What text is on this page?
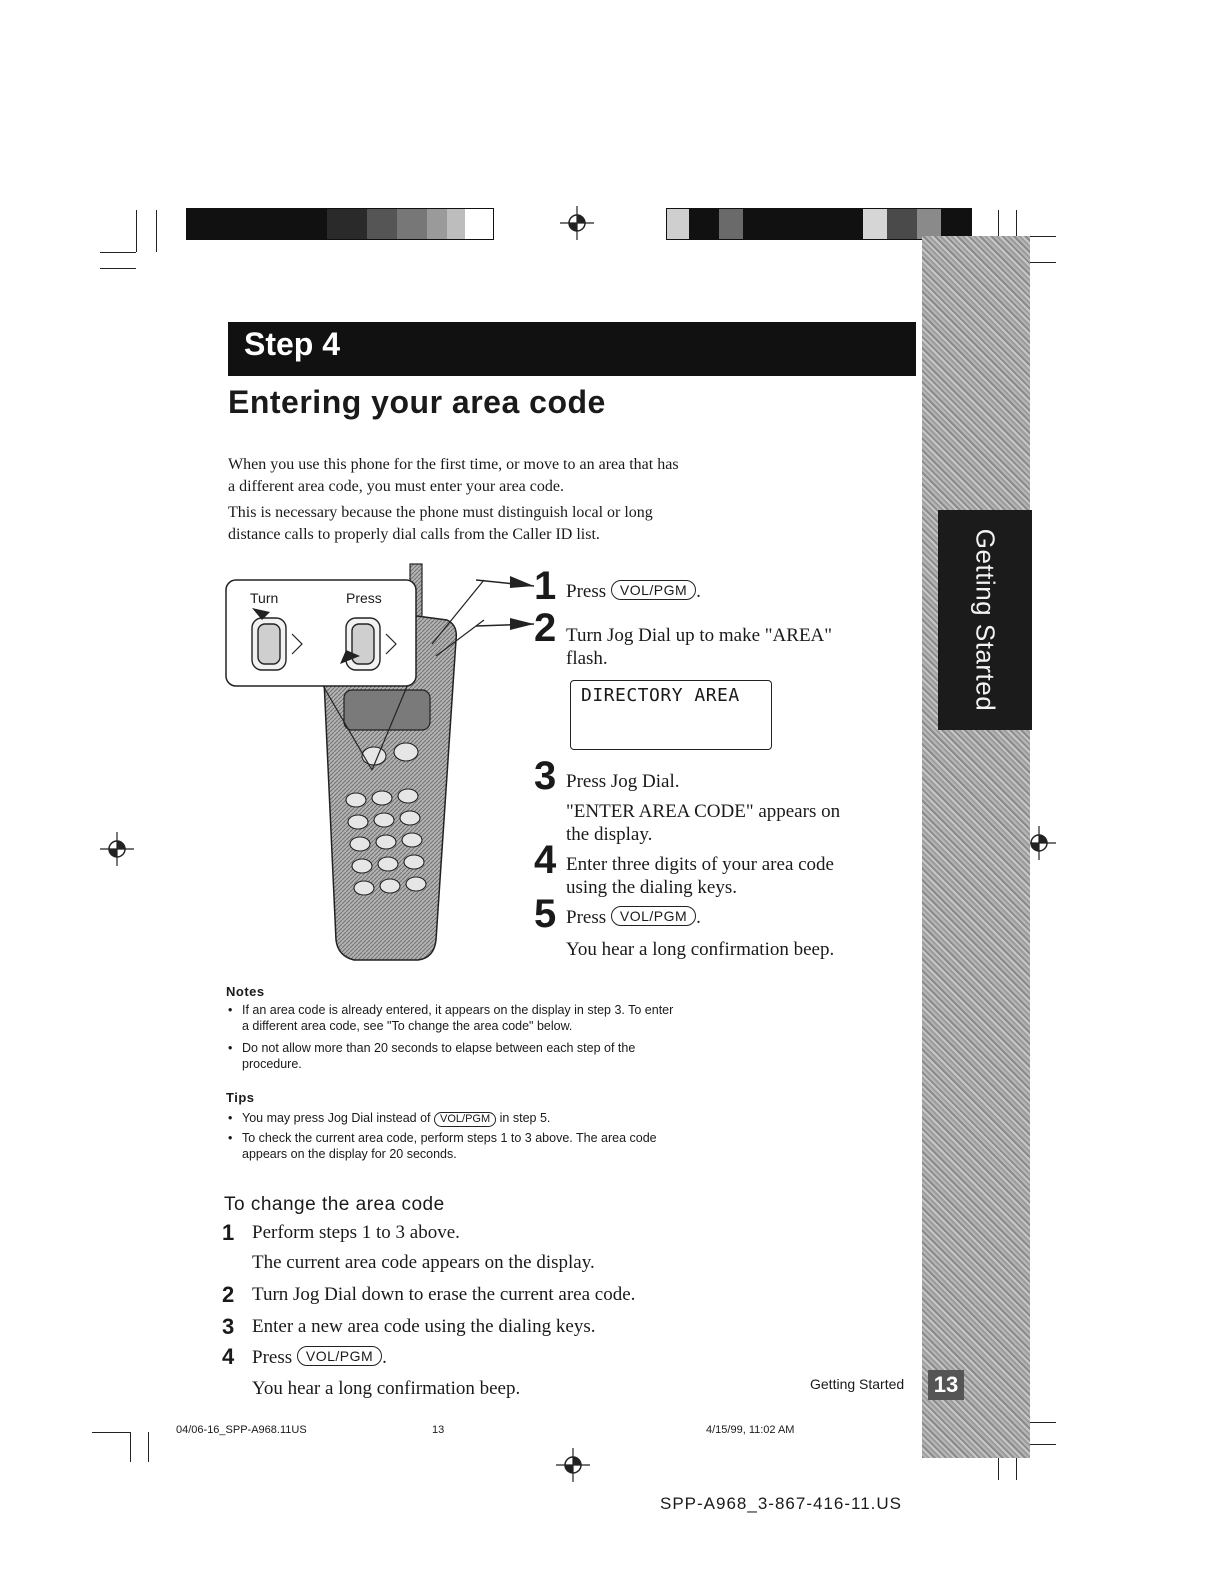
Getting Started
13
Step 4
Entering your area code
When you use this phone for the first time, or move to an area that has
a different area code, you must enter your area code.
This is necessary because the phone must distinguish local or long
distance calls to properly dial calls from the Caller ID list.
Turn	Press	1 Press VOL/PGM .
2 Turn Jog Dial up to make "AREA"
flash.
DIRECTORY AREA
3 Press Jog Dial.
"ENTER AREA CODE" appears on
the display.
4 Enter three digits of your area code
using the dialing keys.
5 Press VOL/PGM .
You hear a long confirmation beep.
Notes
• If an area code is already entered, it appears on the display in step 3. To enter
a different area code, see "To change the area code" below.
• Do not allow more than 20 seconds to elapse between each step of the
procedure.
Tips
• You may press Jog Dial instead of VOL/PGM in step 5.
• To check the current area code, perform steps 1 to 3 above. The area code
appears on the display for 20 seconds.
To change the area code
1 Perform steps 1 to 3 above.
The current area code appears on the display.
2 Turn Jog Dial down to erase the current area code.
3 Enter a new area code using the dialing keys.
4 Press VOL/PGM .
You hear a long confirmation beep.	Getting Started
04/06-16_SPP-A968.11US	13	4/15/99, 11:02 AM
SPP-A968_3-867-416-11.US
